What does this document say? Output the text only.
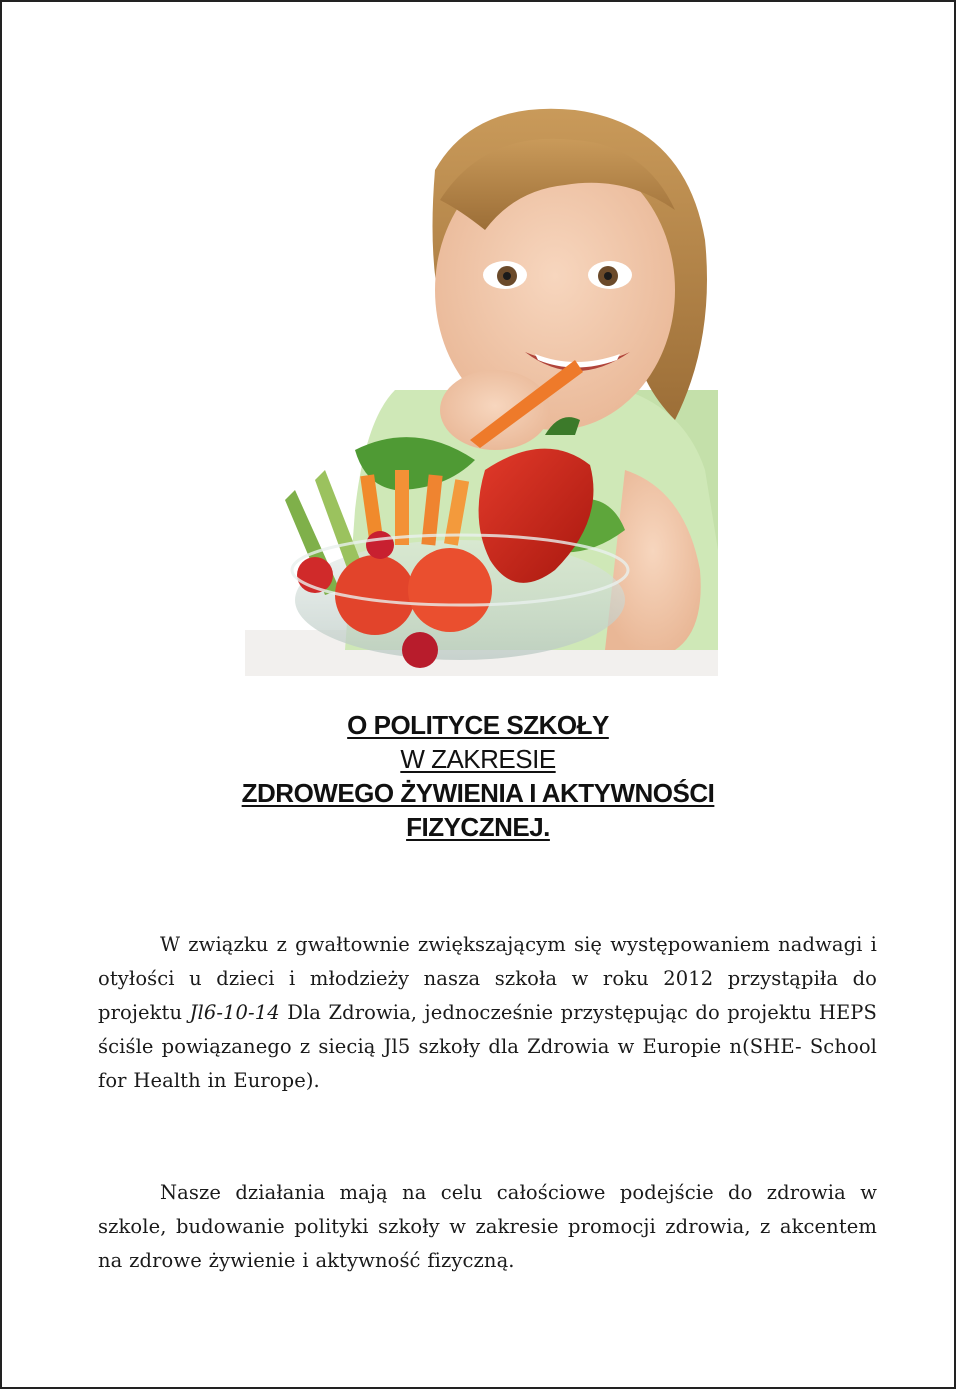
O POLITYCE SZKOŁY
W ZAKRESIE
ZDROWEGO ŻYWIENIA I AKTYWNOŚCI
FIZYCZNEJ.

W związku z gwałtownie zwiększającym się występowaniem nadwagi i otyłości u dzieci i młodzieży nasza szkoła w roku 2012 przystąpiła do projektu Jl6-10-14 Dla Zdrowia, jednocześnie przystępując do projektu HEPS ściśle powiązanego z siecią Jl5 szkoły dla Zdrowia w Europie n(SHE- School for Health in Europe).

Nasze działania mają na celu całościowe podejście do zdrowia w szkole, budowanie polityki szkoły w zakresie promocji zdrowia, z akcentem na zdrowe żywienie i aktywność fizyczną.
